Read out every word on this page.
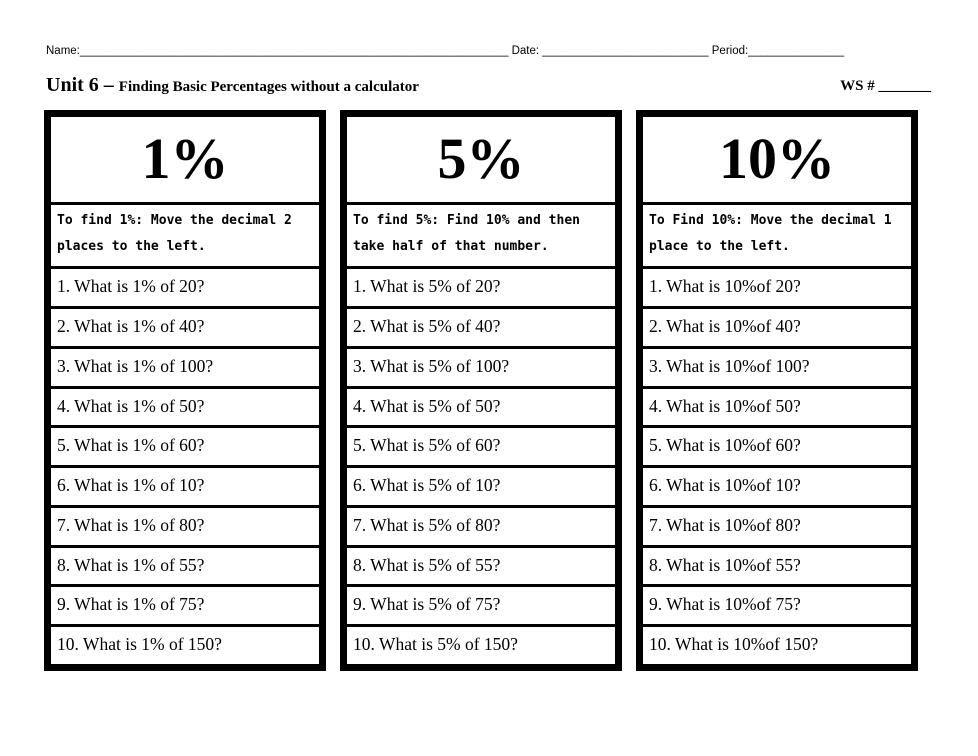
Name:___________________________________________________________________ Date: __________________________ Period:_______________
Unit 6 – Finding Basic Percentages without a calculator	WS # _______
1%
To find 1%: Move the decimal 2 places to the left.
1. What is 1% of 20?
2. What is 1% of 40?
3. What is 1% of 100?
4. What is 1% of 50?
5. What is 1% of 60?
6. What is 1% of 10?
7. What is 1% of 80?
8. What is 1% of 55?
9. What is 1% of 75?
10. What is 1% of 150?
5%
To find 5%: Find 10% and then take half of that number.
1. What is 5% of 20?
2. What is 5% of 40?
3. What is 5% of 100?
4. What is 5% of 50?
5. What is 5% of 60?
6. What is 5% of 10?
7. What is 5% of 80?
8. What is 5% of 55?
9. What is 5% of 75?
10. What is 5% of 150?
10%
To Find 10%: Move the decimal 1 place to the left.
1. What is 10%of 20?
2. What is 10%of 40?
3. What is 10%of 100?
4. What is 10%of 50?
5. What is 10%of 60?
6. What is 10%of 10?
7. What is 10%of 80?
8. What is 10%of 55?
9. What is 10%of 75?
10. What is 10%of 150?
